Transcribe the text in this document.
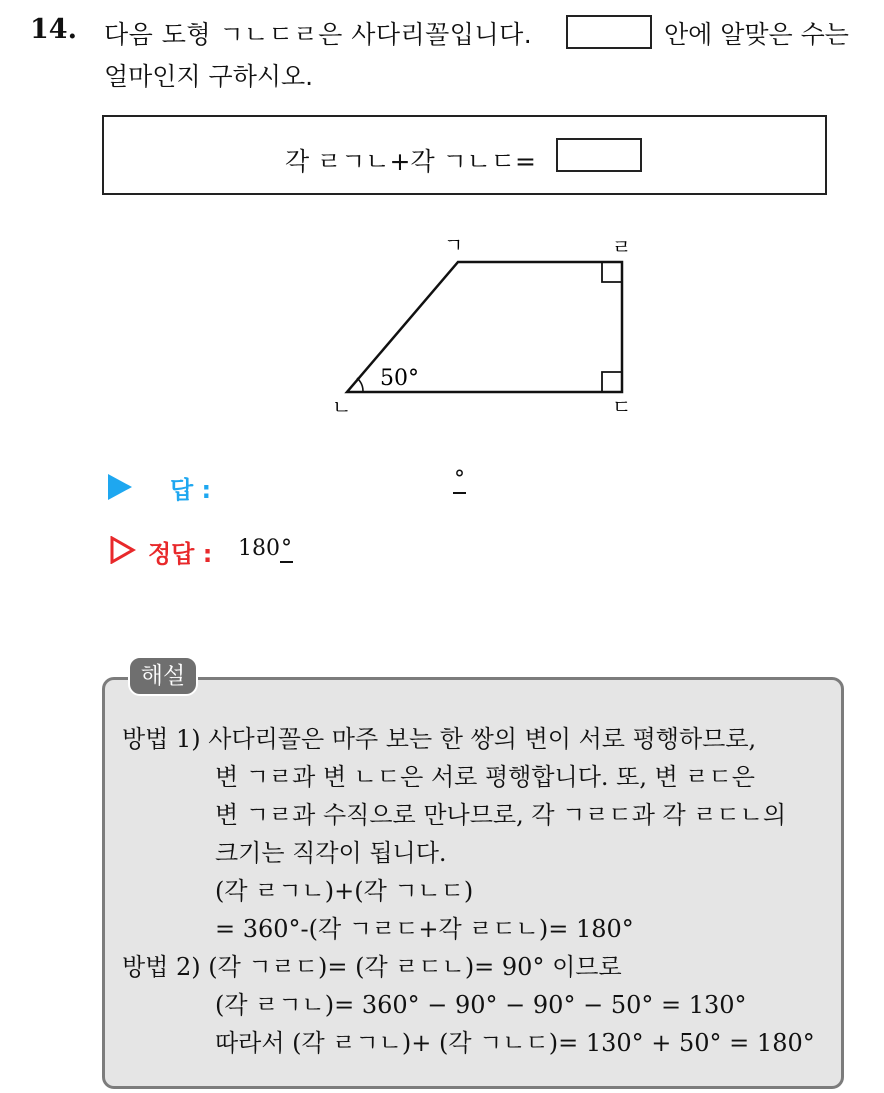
14. 다음 도형 ㄱㄴㄷㄹ은 사다리꼴입니다.	안에 알맞은 수는
얼마인지 구하시오.
각 ㄹㄱㄴ+각 ㄱㄴㄷ=
ㄱ	ㄹ
ㄴ	ㄷ
50°
답 :	°
정답 : 180°
해설
방법 1) 사다리꼴은 마주 보는 한 쌍의 변이 서로 평행하므로,
변 ㄱㄹ과 변 ㄴㄷ은 서로 평행합니다. 또, 변 ㄹㄷ은
변 ㄱㄹ과 수직으로 만나므로, 각 ㄱㄹㄷ과 각 ㄹㄷㄴ의
크기는 직각이 됩니다.
(각 ㄹㄱㄴ)+(각 ㄱㄴㄷ)
= 360°-(각 ㄱㄹㄷ+각 ㄹㄷㄴ)= 180°
방법 2) (각 ㄱㄹㄷ)= (각 ㄹㄷㄴ)= 90° 이므로
(각 ㄹㄱㄴ)= 360° − 90° − 90° − 50° = 130°
따라서 (각 ㄹㄱㄴ)+ (각 ㄱㄴㄷ)= 130° + 50° = 180°
